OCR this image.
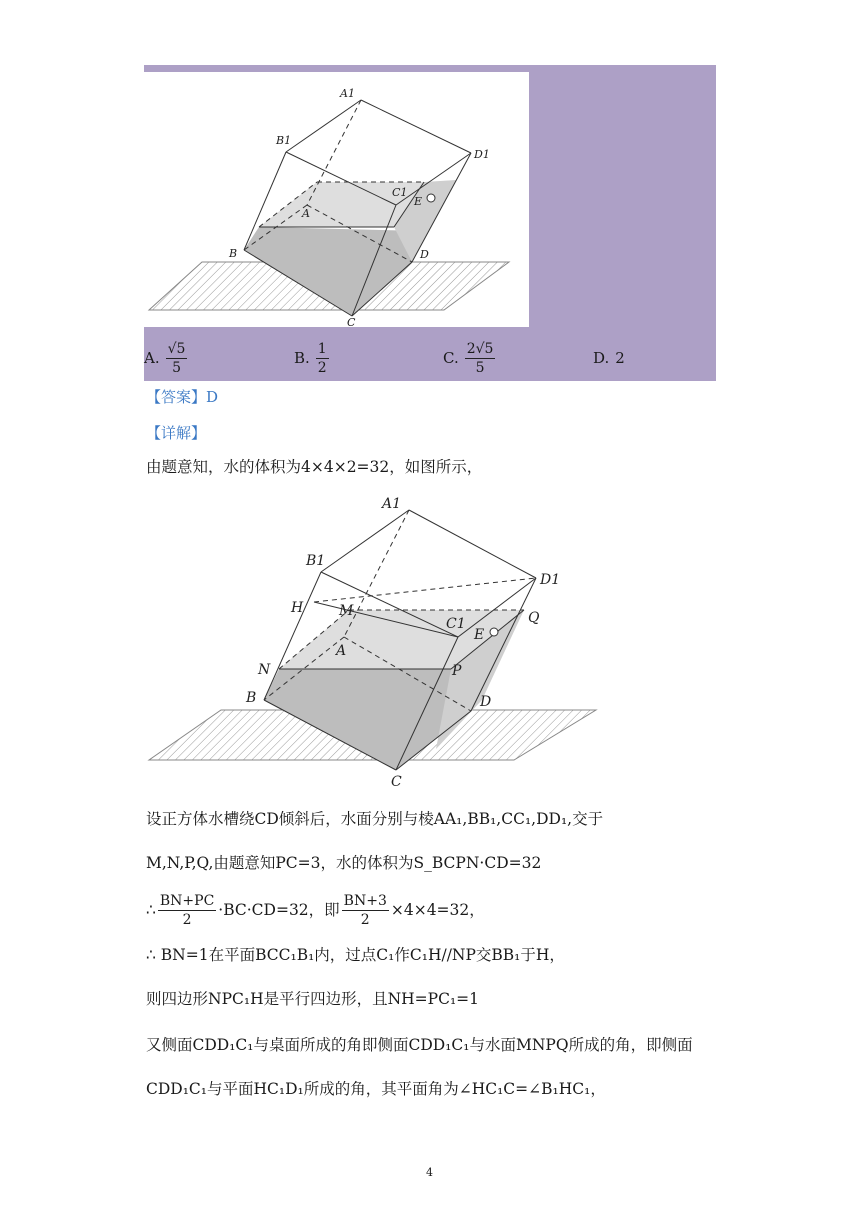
A1
B1
D1
C1
E
A
B	D
C
A. $\frac{√5}{5}$	B. $\frac{1}{2}$	C. $\frac{2√5}{5}$	D. 2
【答案】D
【详解】
由题意知，水的体积为4×4×2=32，如图所示，
A1
B1
D1
C1
E
H	M	Q
N
A
P
B	D
C
设正方体水槽绕CD倾斜后，水面分别与棱AA₁,BB₁,CC₁,DD₁,交于
M,N,P,Q,由题意知PC=3，水的体积为S_BCPN·CD=32
∴ $\frac{BN+PC}{2} \cdot BC\cdot CD=32$，即 $\frac{BN+3}{2} \times 4\times 4=32$，
∴ BN=1在平面BCC₁B₁内，过点C₁作C₁H//NP交BB₁于H，
则四边形NPC₁H是平行四边形，且NH=PC₁=1
又侧面CDD₁C₁与桌面所成的角即侧面CDD₁C₁与水面MNPQ所成的角，即侧面
CDD₁C₁与平面HC₁D₁所成的角，其平面角为∠HC₁C=∠B₁HC₁，
4
